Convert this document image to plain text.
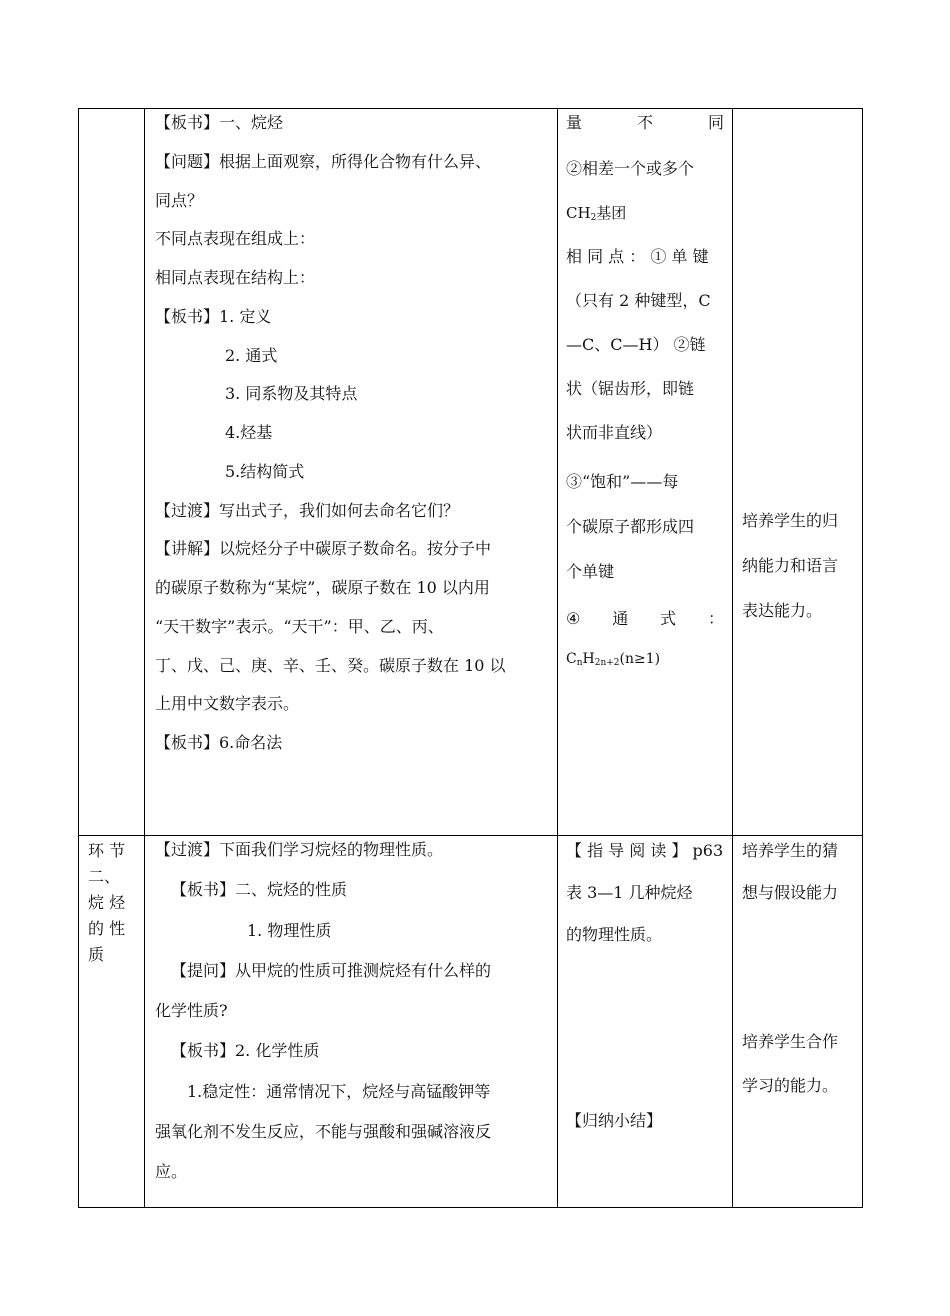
【板书】一、烷烃
【问题】根据上面观察，所得化合物有什么异、
同点？
不同点表现在组成上：
相同点表现在结构上：
【板书】1. 定义
2. 通式
3. 同系物及其特点
4.烃基
5.结构简式
【过渡】写出式子，我们如何去命名它们？
【讲解】以烷烃分子中碳原子数命名。按分子中
的碳原子数称为“某烷”，碳原子数在 10 以内用
“天干数字”表示。“天干”：甲、乙、丙、
丁、戊、己、庚、辛、壬、癸。碳原子数在 10 以
上用中文数字表示。
【板书】6.命名法
量	不	同
②相差一个或多个
$CH_2$基团
相 同 点 ： ① 单 键
（只有 2 种键型，C
—C、C—H） ②链
状（锯齿形，即链
状而非直线）
③“饱和”——每
个碳原子都形成四
个单键
④ 通 式 ：
$C_nH_{2n+2}(n\ge 1)$
培养学生的归
纳能力和语言
表达能力。
环 节
二、
烷 烃
的 性
质
【过渡】下面我们学习烷烃的物理性质。
【板书】二、烷烃的性质
1. 物理性质
【提问】从甲烷的性质可推测烷烃有什么样的
化学性质?
【板书】2. 化学性质
1.稳定性：通常情况下，烷烃与高锰酸钾等
强氧化剂不发生反应，不能与强酸和强碱溶液反
应。
【 指 导 阅 读 】 p63
表 3—1 几种烷烃
的物理性质。
【归纳小结】
培养学生的猜
想与假设能力
培养学生合作
学习的能力。
